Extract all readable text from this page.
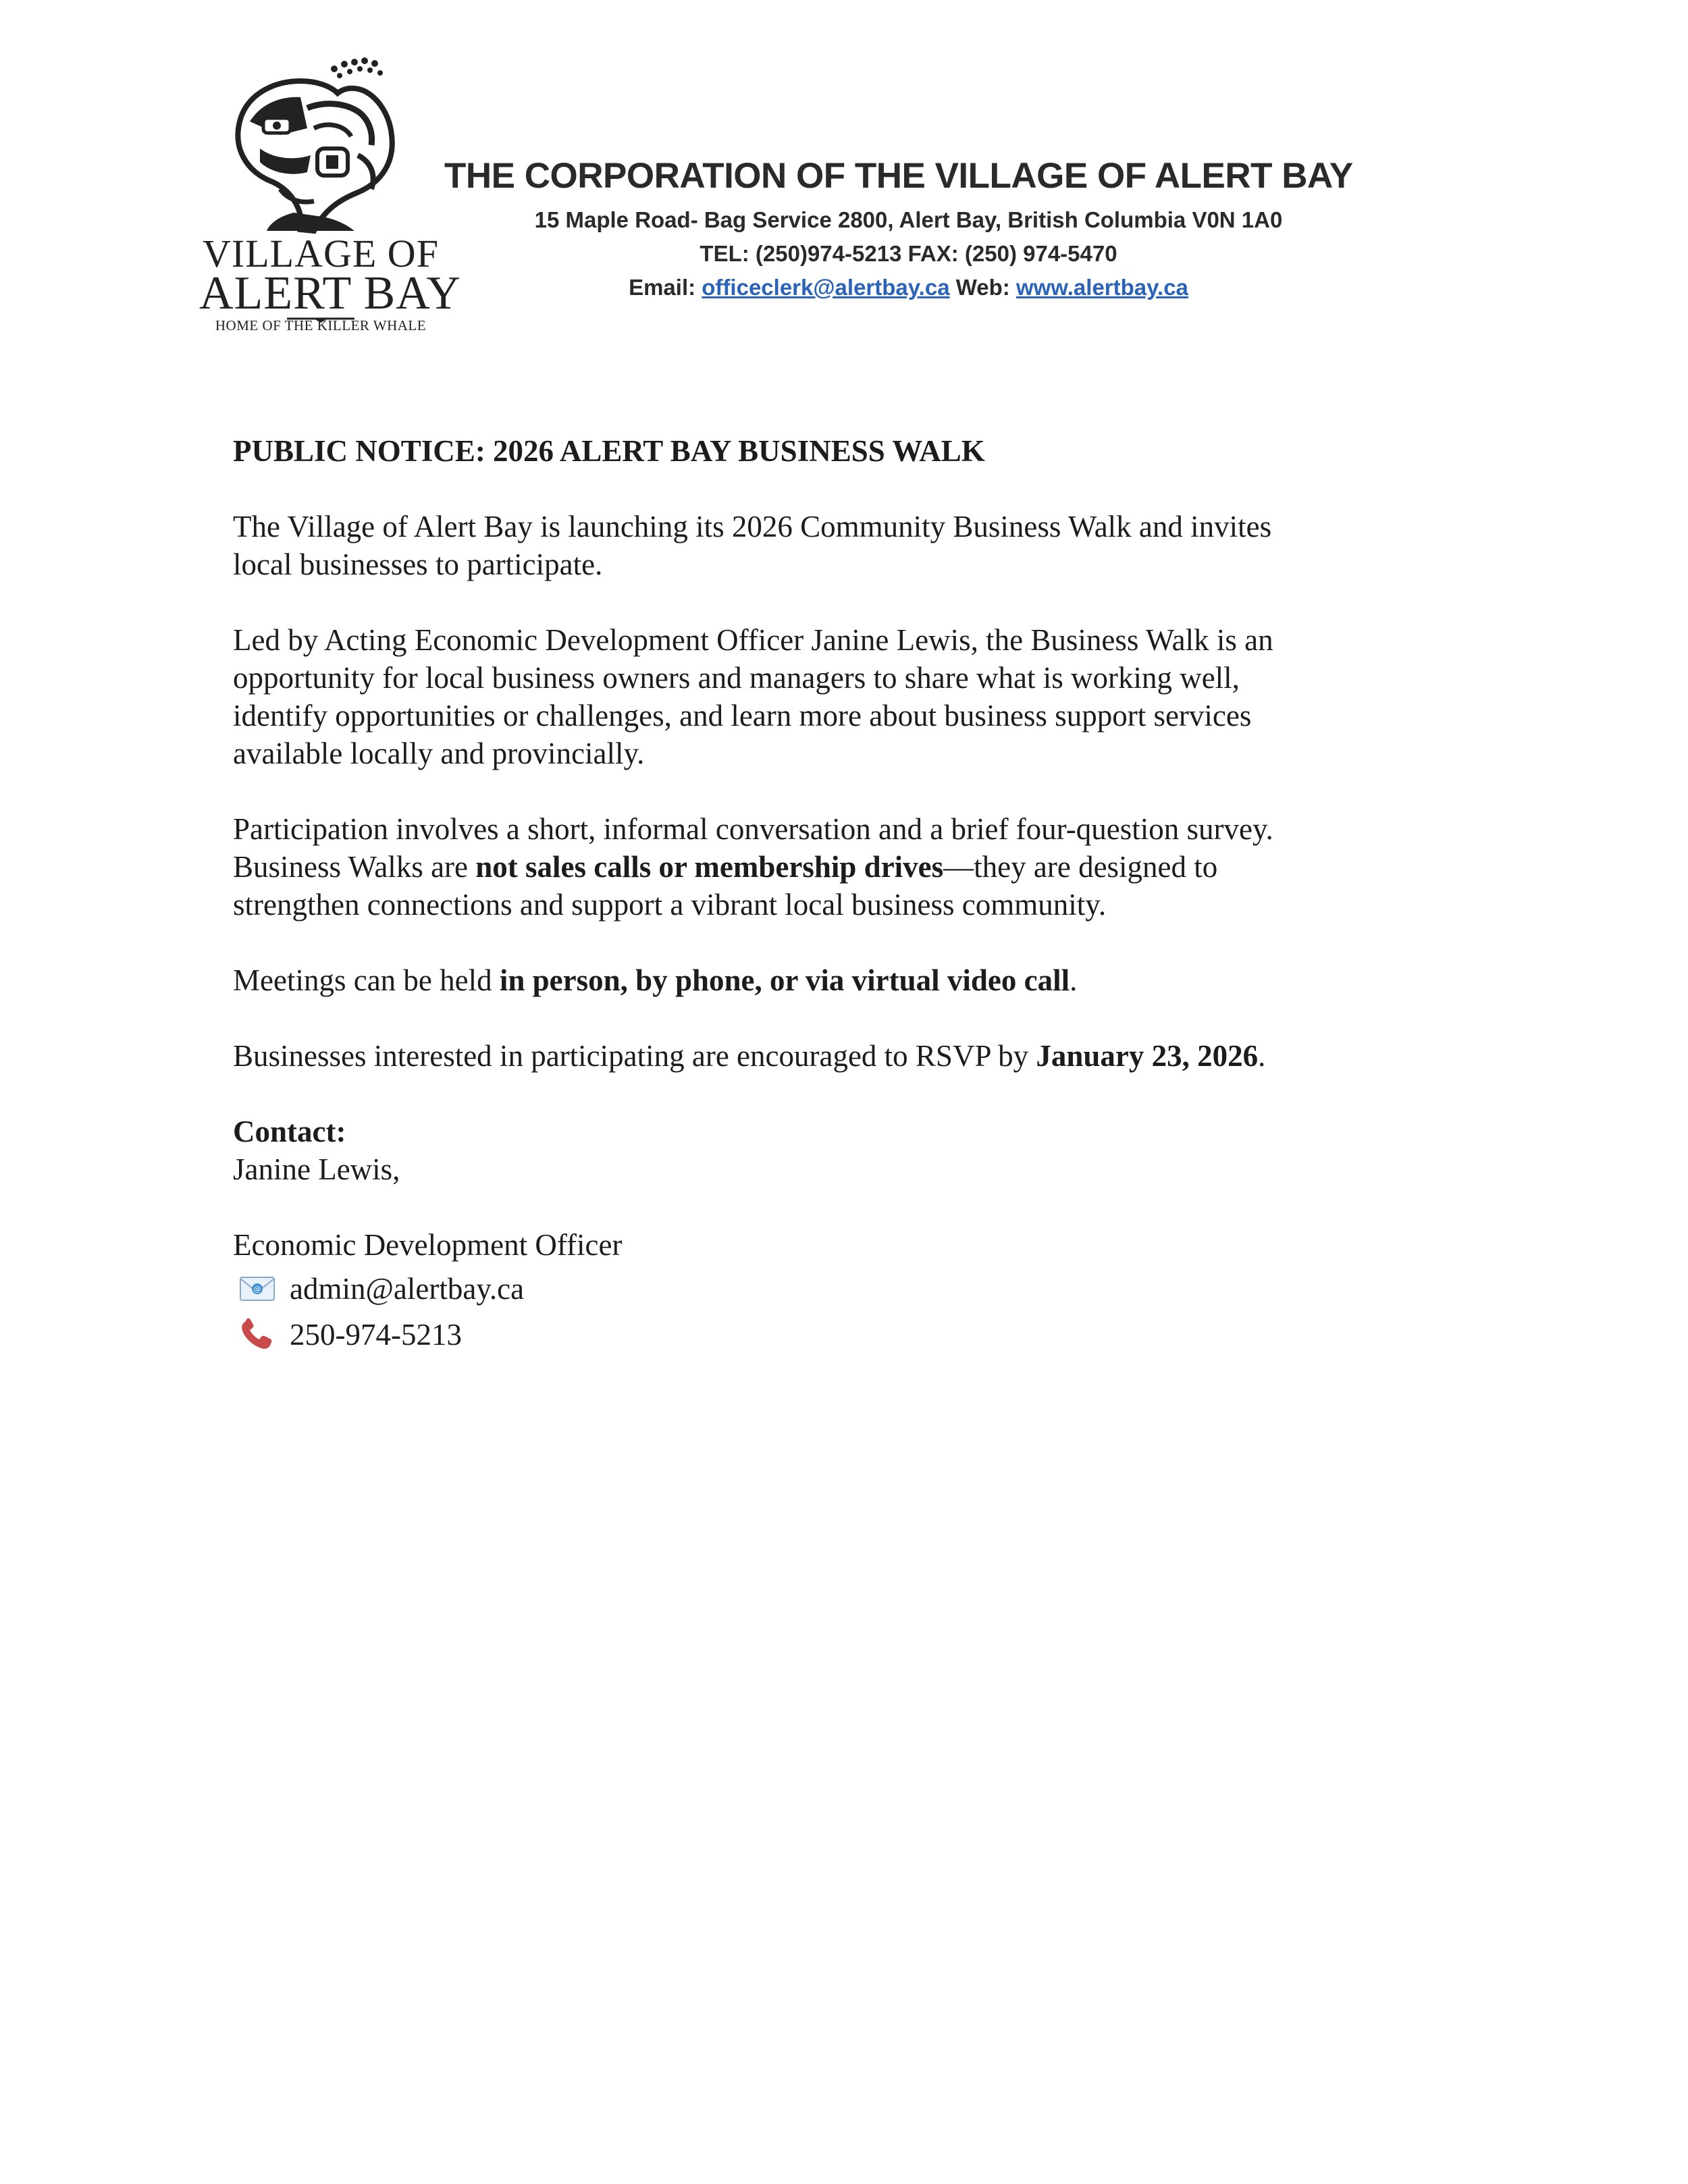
VILLAGE OF
ALERT BAY
HOME OF THE KILLER WHALE
THE CORPORATION OF THE VILLAGE OF ALERT BAY
15 Maple Road- Bag Service 2800, Alert Bay, British Columbia V0N 1A0
TEL: (250)974-5213 FAX: (250) 974-5470
Email: officeclerk@alertbay.ca Web: www.alertbay.ca

PUBLIC NOTICE: 2026 ALERT BAY BUSINESS WALK

The Village of Alert Bay is launching its 2026 Community Business Walk and invites
local businesses to participate.

Led by Acting Economic Development Officer Janine Lewis, the Business Walk is an
opportunity for local business owners and managers to share what is working well,
identify opportunities or challenges, and learn more about business support services
available locally and provincially.

Participation involves a short, informal conversation and a brief four-question survey.
Business Walks are not sales calls or membership drives—they are designed to
strengthen connections and support a vibrant local business community.

Meetings can be held in person, by phone, or via virtual video call.

Businesses interested in participating are encouraged to RSVP by January 23, 2026.

Contact:

Janine Lewis,

Economic Development Officer

@ admin@alertbay.ca
250-974-5213
